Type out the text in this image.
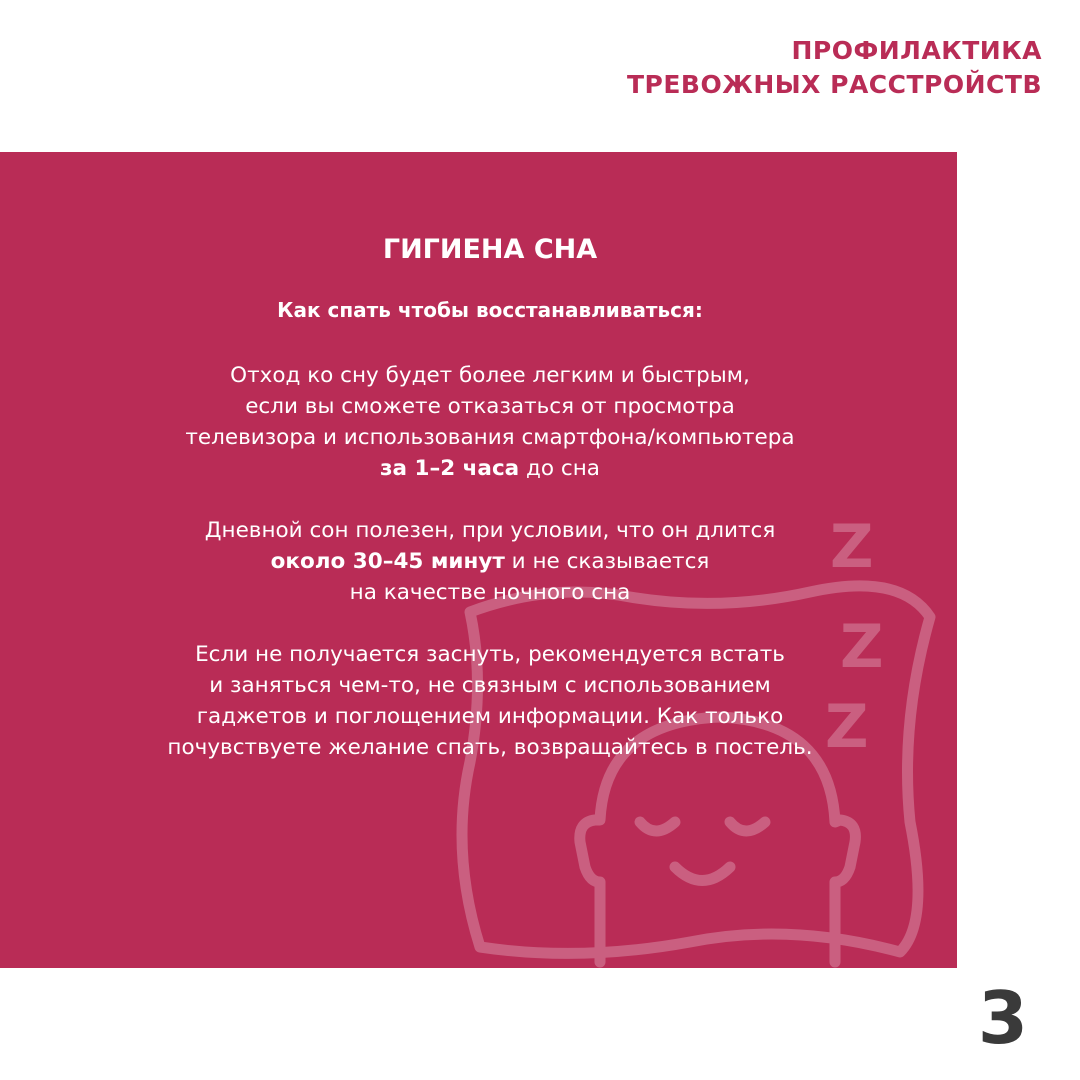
ПРОФИЛАКТИКА
ТРЕВОЖНЫХ РАССТРОЙСТВ
Z
Z
Z
ГИГИЕНА СНА

Как спать чтобы восстанавливаться:

Отход ко сну будет более легким и быстрым,
если вы сможете отказаться от просмотра
телевизора и использования смартфона/компьютера
за 1–2 часа до сна
Дневной сон полезен, при условии, что он длится
около 30–45 минут и не сказывается
на качестве ночного сна
Если не получается заснуть, рекомендуется встать
и заняться чем-то, не связным с использованием
гаджетов и поглощением информации. Как только
почувствуете желание спать, возвращайтесь в постель.
3
